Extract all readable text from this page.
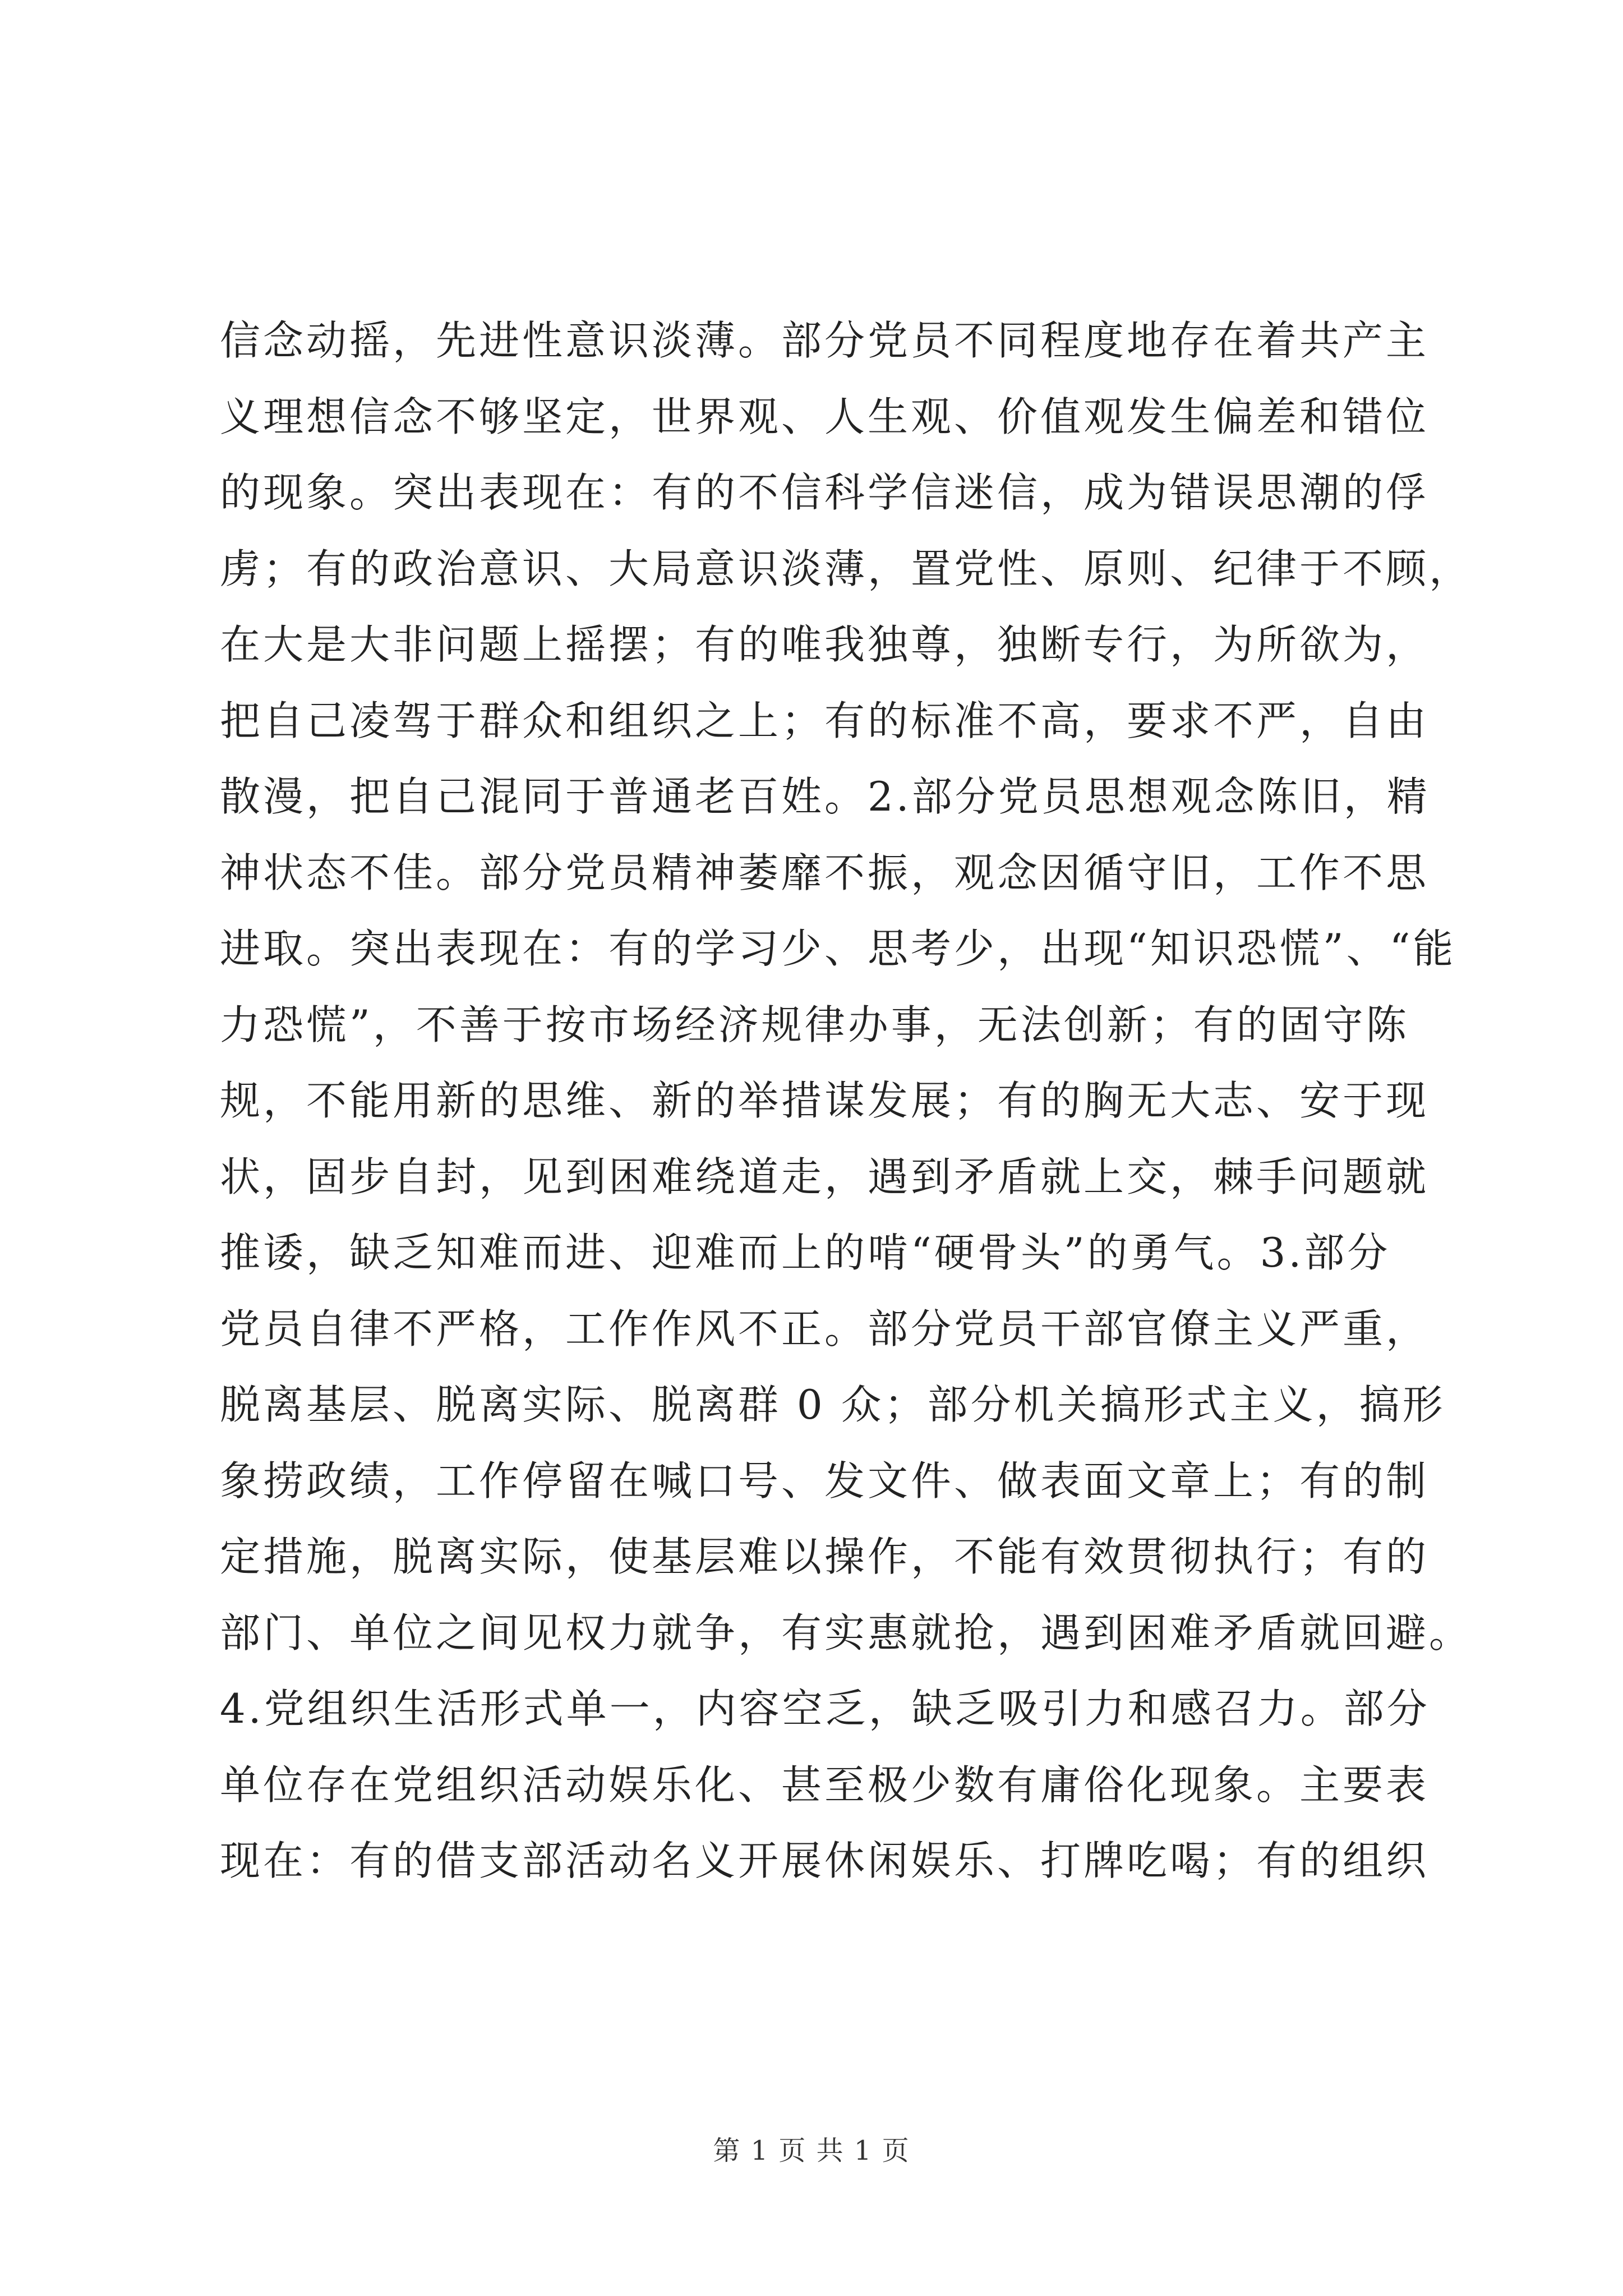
信念动摇，先进性意识淡薄。部分党员不同程度地存在着共产主
义理想信念不够坚定，世界观、人生观、价值观发生偏差和错位
的现象。突出表现在：有的不信科学信迷信，成为错误思潮的俘
虏；有的政治意识、大局意识淡薄，置党性、原则、纪律于不顾，
在大是大非问题上摇摆；有的唯我独尊，独断专行，为所欲为，
把自己凌驾于群众和组织之上；有的标准不高，要求不严，自由
散漫，把自己混同于普通老百姓。2.部分党员思想观念陈旧，精
神状态不佳。部分党员精神萎靡不振，观念因循守旧，工作不思
进取。突出表现在：有的学习少、思考少，出现“知识恐慌”、“能
力恐慌”，不善于按市场经济规律办事，无法创新；有的固守陈
规，不能用新的思维、新的举措谋发展；有的胸无大志、安于现
状，固步自封，见到困难绕道走，遇到矛盾就上交，棘手问题就
推诿，缺乏知难而进、迎难而上的啃“硬骨头”的勇气。3.部分
党员自律不严格，工作作风不正。部分党员干部官僚主义严重，
脱离基层、脱离实际、脱离群 0 众；部分机关搞形式主义，搞形
象捞政绩，工作停留在喊口号、发文件、做表面文章上；有的制
定措施，脱离实际，使基层难以操作，不能有效贯彻执行；有的
部门、单位之间见权力就争，有实惠就抢，遇到困难矛盾就回避。
4.党组织生活形式单一，内容空乏，缺乏吸引力和感召力。部分
单位存在党组织活动娱乐化、甚至极少数有庸俗化现象。主要表
现在：有的借支部活动名义开展休闲娱乐、打牌吃喝；有的组织
第 1 页 共 1 页
